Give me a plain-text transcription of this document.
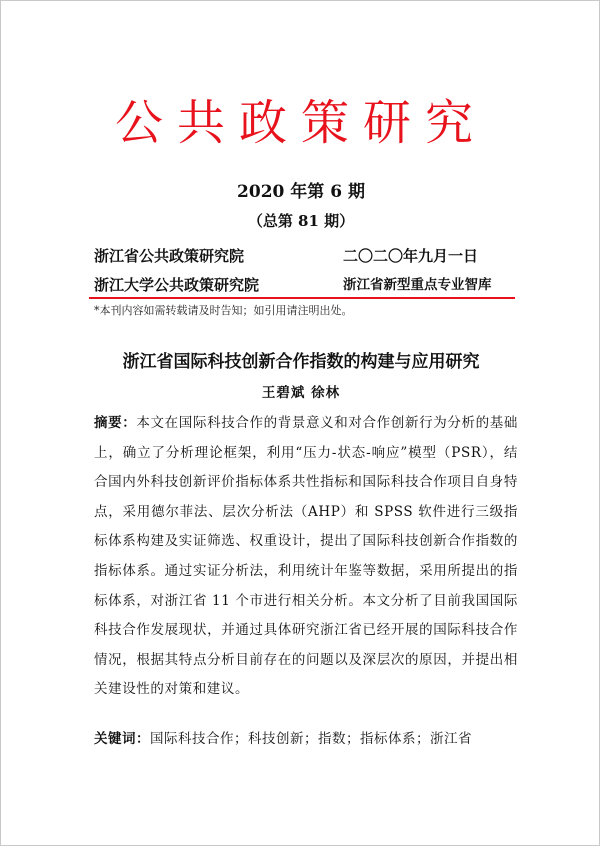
公共政策研究
2020 年第 6 期
（总第 81 期）
浙江省公共政策研究院	二〇二〇年九月一日
浙江大学公共政策研究院	浙江省新型重点专业智库
*本刊内容如需转载请及时告知；如引用请注明出处。
浙江省国际科技创新合作指数的构建与应用研究
王碧斌 徐林
摘要：本文在国际科技合作的背景意义和对合作创新行为分析的基础上，确立了分析理论框架，利用“压力-状态-响应”模型（PSR），结合国内外科技创新评价指标体系共性指标和国际科技合作项目自身特点，采用德尔菲法、层次分析法（AHP）和 SPSS 软件进行三级指标体系构建及实证筛选、权重设计，提出了国际科技创新合作指数的指标体系。通过实证分析法，利用统计年鉴等数据，采用所提出的指标体系，对浙江省 11 个市进行相关分析。本文分析了目前我国国际科技合作发展现状，并通过具体研究浙江省已经开展的国际科技合作情况，根据其特点分析目前存在的问题以及深层次的原因，并提出相关建设性的对策和建议。
关键词：国际科技合作；科技创新；指数；指标体系；浙江省
